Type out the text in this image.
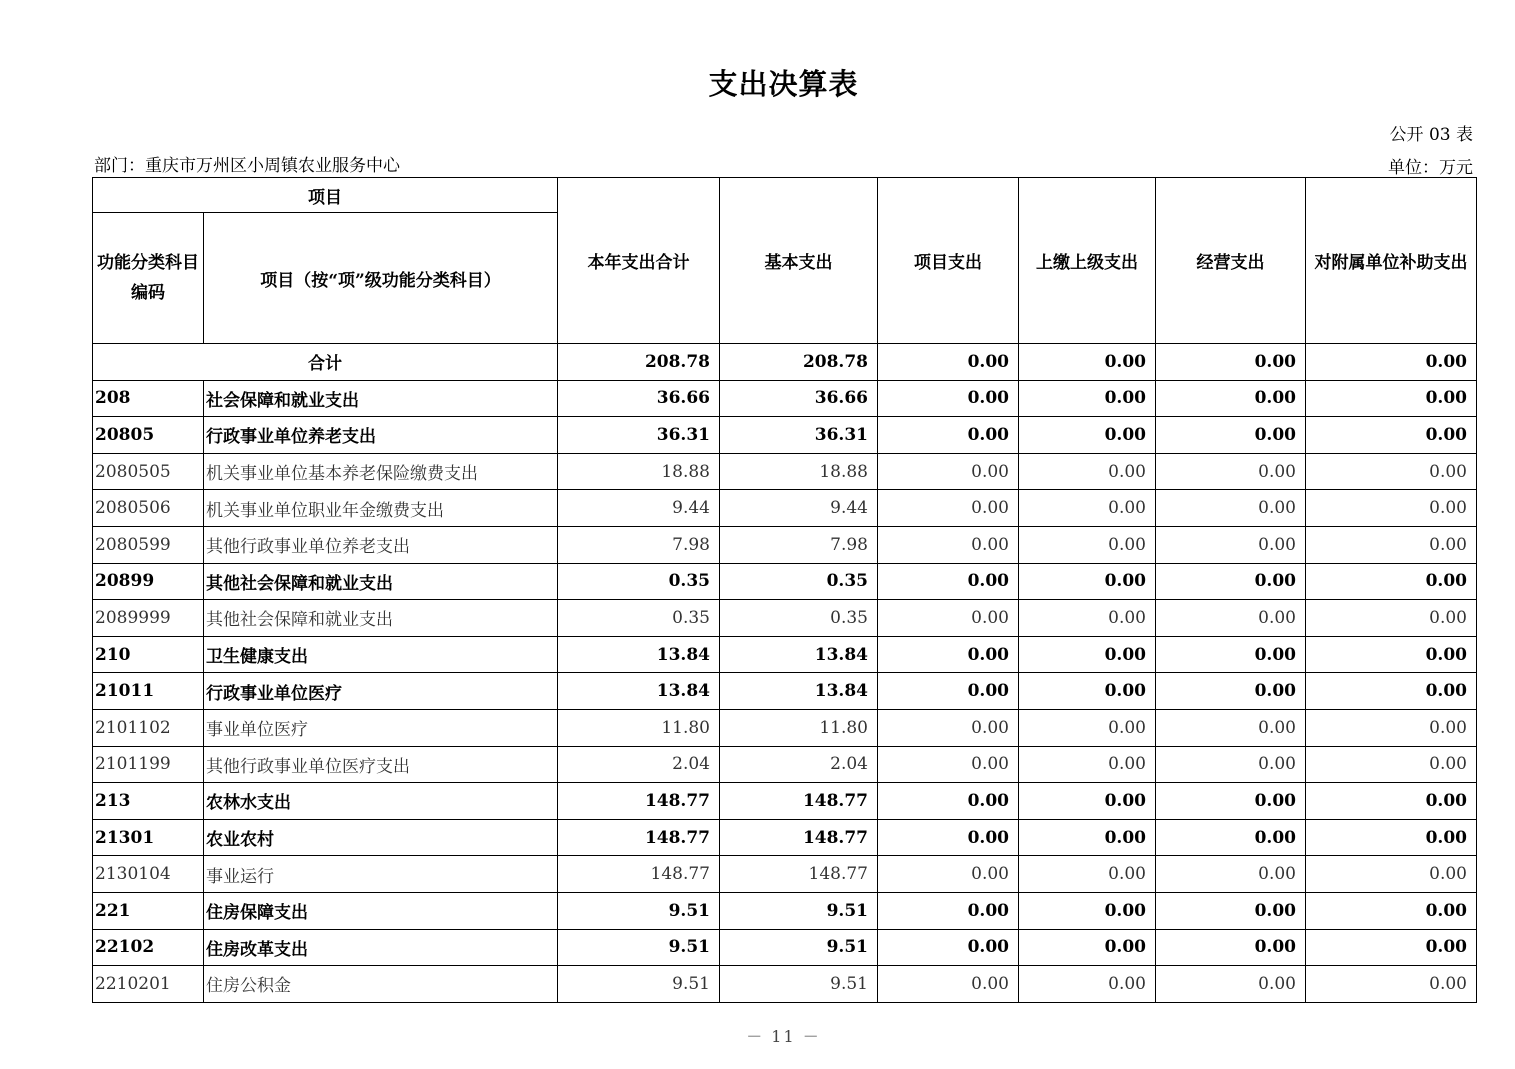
支出决算表
公开 03 表
部门：重庆市万州区小周镇农业服务中心	单位：万元
项目		本年支出合计	基本支出	项目支出	上缴上级支出	经营支出	对附属单位补助支出
功能分类科目编码	项目（按“项”级功能分类科目）						
合计		208.78	208.78	0.00	0.00	0.00	0.00
208	社会保障和就业支出	36.66	36.66	0.00	0.00	0.00	0.00
20805	行政事业单位养老支出	36.31	36.31	0.00	0.00	0.00	0.00
2080505	机关事业单位基本养老保险缴费支出	18.88	18.88	0.00	0.00	0.00	0.00
2080506	机关事业单位职业年金缴费支出	9.44	9.44	0.00	0.00	0.00	0.00
2080599	其他行政事业单位养老支出	7.98	7.98	0.00	0.00	0.00	0.00
20899	其他社会保障和就业支出	0.35	0.35	0.00	0.00	0.00	0.00
2089999	其他社会保障和就业支出	0.35	0.35	0.00	0.00	0.00	0.00
210	卫生健康支出	13.84	13.84	0.00	0.00	0.00	0.00
21011	行政事业单位医疗	13.84	13.84	0.00	0.00	0.00	0.00
2101102	事业单位医疗	11.80	11.80	0.00	0.00	0.00	0.00
2101199	其他行政事业单位医疗支出	2.04	2.04	0.00	0.00	0.00	0.00
213	农林水支出	148.77	148.77	0.00	0.00	0.00	0.00
21301	农业农村	148.77	148.77	0.00	0.00	0.00	0.00
2130104	事业运行	148.77	148.77	0.00	0.00	0.00	0.00
221	住房保障支出	9.51	9.51	0.00	0.00	0.00	0.00
22102	住房改革支出	9.51	9.51	0.00	0.00	0.00	0.00
2210201	住房公积金	9.51	9.51	0.00	0.00	0.00	0.00
－ 11 －
